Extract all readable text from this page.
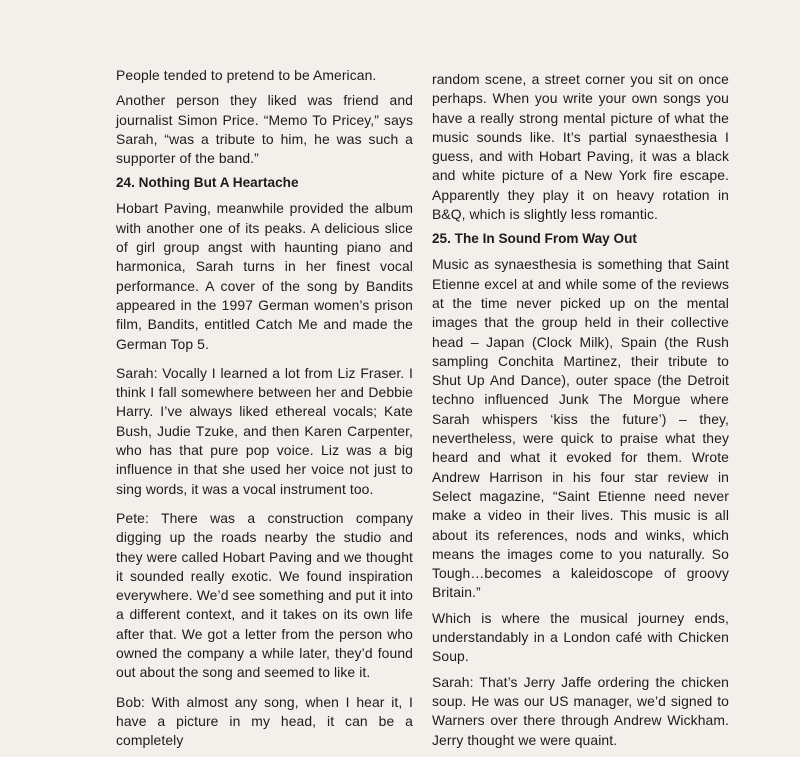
People tended to pretend to be American.

Another person they liked was friend and journalist Simon Price. “Memo To Pricey,” says Sarah, “was a tribute to him, he was such a supporter of the band.”

24. Nothing But A Heartache

Hobart Paving, meanwhile provided the album with another one of its peaks. A delicious slice of girl group angst with haunting piano and harmonica, Sarah turns in her finest vocal performance. A cover of the song by Bandits appeared in the 1997 German women’s prison film, Bandits, entitled Catch Me and made the German Top 5.

Sarah: Vocally I learned a lot from Liz Fraser. I think I fall somewhere between her and Debbie Harry. I’ve always liked ethereal vocals; Kate Bush, Judie Tzuke, and then Karen Carpenter, who has that pure pop voice. Liz was a big influence in that she used her voice not just to sing words, it was a vocal instrument too.

Pete: There was a construction company digging up the roads nearby the studio and they were called Hobart Paving and we thought it sounded really exotic. We found inspiration everywhere. We’d see something and put it into a different context, and it takes on its own life after that. We got a letter from the person who owned the company a while later, they’d found out about the song and seemed to like it.

Bob: With almost any song, when I hear it, I have a picture in my head, it can be a completely

random scene, a street corner you sit on once perhaps. When you write your own songs you have a really strong mental picture of what the music sounds like. It’s partial synaesthesia I guess, and with Hobart Paving, it was a black and white picture of a New York fire escape. Apparently they play it on heavy rotation in B&Q, which is slightly less romantic.

25. The In Sound From Way Out

Music as synaesthesia is something that Saint Etienne excel at and while some of the reviews at the time never picked up on the mental images that the group held in their collective head – Japan (Clock Milk), Spain (the Rush sampling Conchita Martinez, their tribute to Shut Up And Dance), outer space (the Detroit techno influenced Junk The Morgue where Sarah whispers ‘kiss the future’) – they, nevertheless, were quick to praise what they heard and what it evoked for them. Wrote Andrew Harrison in his four star review in Select magazine, “Saint Etienne need never make a video in their lives. This music is all about its references, nods and winks, which means the images come to you naturally. So Tough…becomes a kaleidoscope of groovy Britain.”

Which is where the musical journey ends, understandably in a London café with Chicken Soup.

Sarah: That’s Jerry Jaffe ordering the chicken soup. He was our US manager, we’d signed to Warners over there through Andrew Wickham. Jerry thought we were quaint.
